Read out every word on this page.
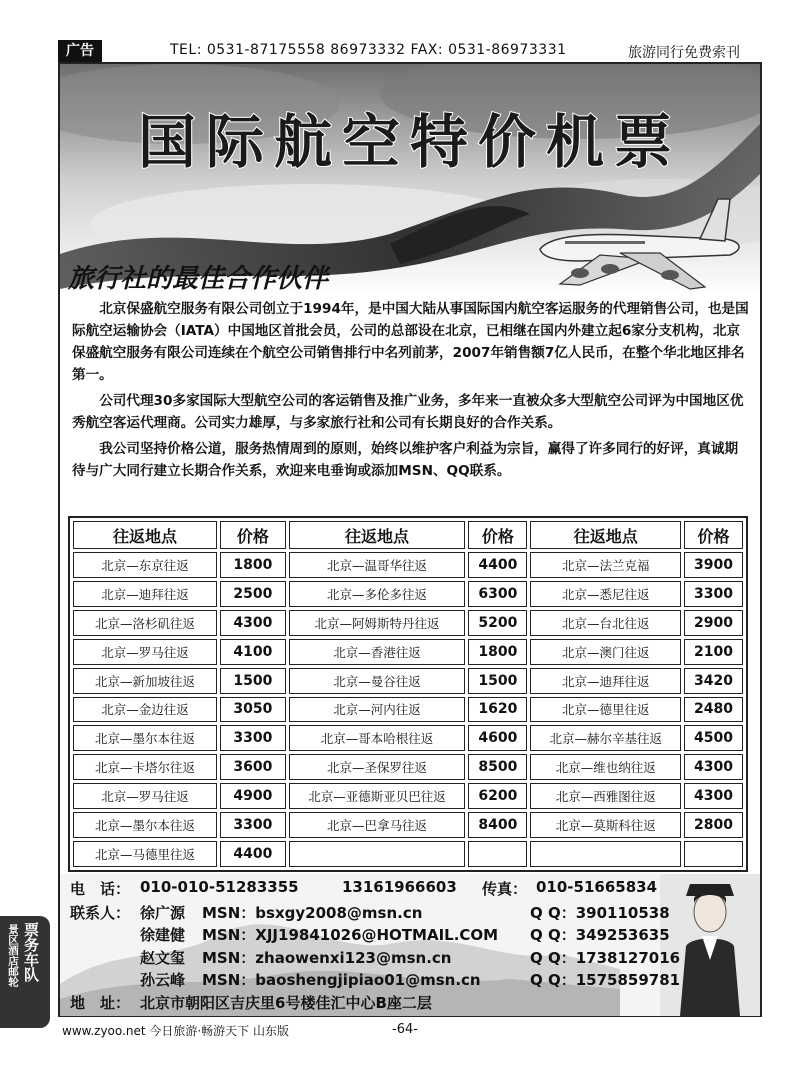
广告	TEL: 0531-87175558 86973332 FAX: 0531-86973331	旅游同行免费索刊
国际航空特价机票
旅行社的最佳合作伙伴

北京保盛航空服务有限公司创立于1994年，是中国大陆从事国际国内航空客运服务的代理销售公司，也是国际航空运输协会（IATA）中国地区首批会员，公司的总部设在北京，已相继在国内外建立起6家分支机构，北京保盛航空服务有限公司连续在个航空公司销售排行中名列前茅，2007年销售额7亿人民币，在整个华北地区排名第一。

公司代理30多家国际大型航空公司的客运销售及推广业务，多年来一直被众多大型航空公司评为中国地区优秀航空客运代理商。公司实力雄厚，与多家旅行社和公司有长期良好的合作关系。

我公司坚持价格公道，服务热情周到的原则，始终以维护客户利益为宗旨，赢得了许多同行的好评，真诚期待与广大同行建立长期合作关系，欢迎来电垂询或添加MSN、QQ联系。

往返地点	价格	往返地点	价格	往返地点	价格
北京—东京往返	1800	北京—温哥华往返	4400	北京—法兰克福	3900
北京—迪拜往返	2500	北京—多伦多往返	6300	北京—悉尼往返	3300
北京—洛杉矶往返	4300	北京—阿姆斯特丹往返	5200	北京—台北往返	2900
北京—罗马往返	4100	北京—香港往返	1800	北京—澳门往返	2100
北京—新加坡往返	1500	北京—曼谷往返	1500	北京—迪拜往返	3420
北京—金边往返	3050	北京—河内往返	1620	北京—德里往返	2480
北京—墨尔本往返	3300	北京—哥本哈根往返	4600	北京—赫尔辛基往返	4500
北京—卡塔尔往返	3600	北京—圣保罗往返	8500	北京—维也纳往返	4300
北京—罗马往返	4900	北京—亚德斯亚贝巴往返	6200	北京—西雅图往返	4300
北京—墨尔本往返	3300	北京—巴拿马往返	8400	北京—莫斯科往返	2800
北京—马德里往返	4400				
电　话： 010-010-51283355	13161966603 传真： 010-51665834
联系人： 徐广源 MSN：bsxgy2008@msn.cn	Q Q：390110538
徐建健 MSN：XJJ19841026@HOTMAIL.COM Q Q：349253635
赵文玺 MSN：zhaowenxi123@msn.cn	Q Q：1738127016
孙云峰 MSN：baoshengjipiao01@msn.cn	Q Q：1575859781
地　址： 北京市朝阳区吉庆里6号楼佳汇中心B座二层
景区酒店邮轮 票务车队
www.zyoo.net 今日旅游·畅游天下 山东版	-64-
